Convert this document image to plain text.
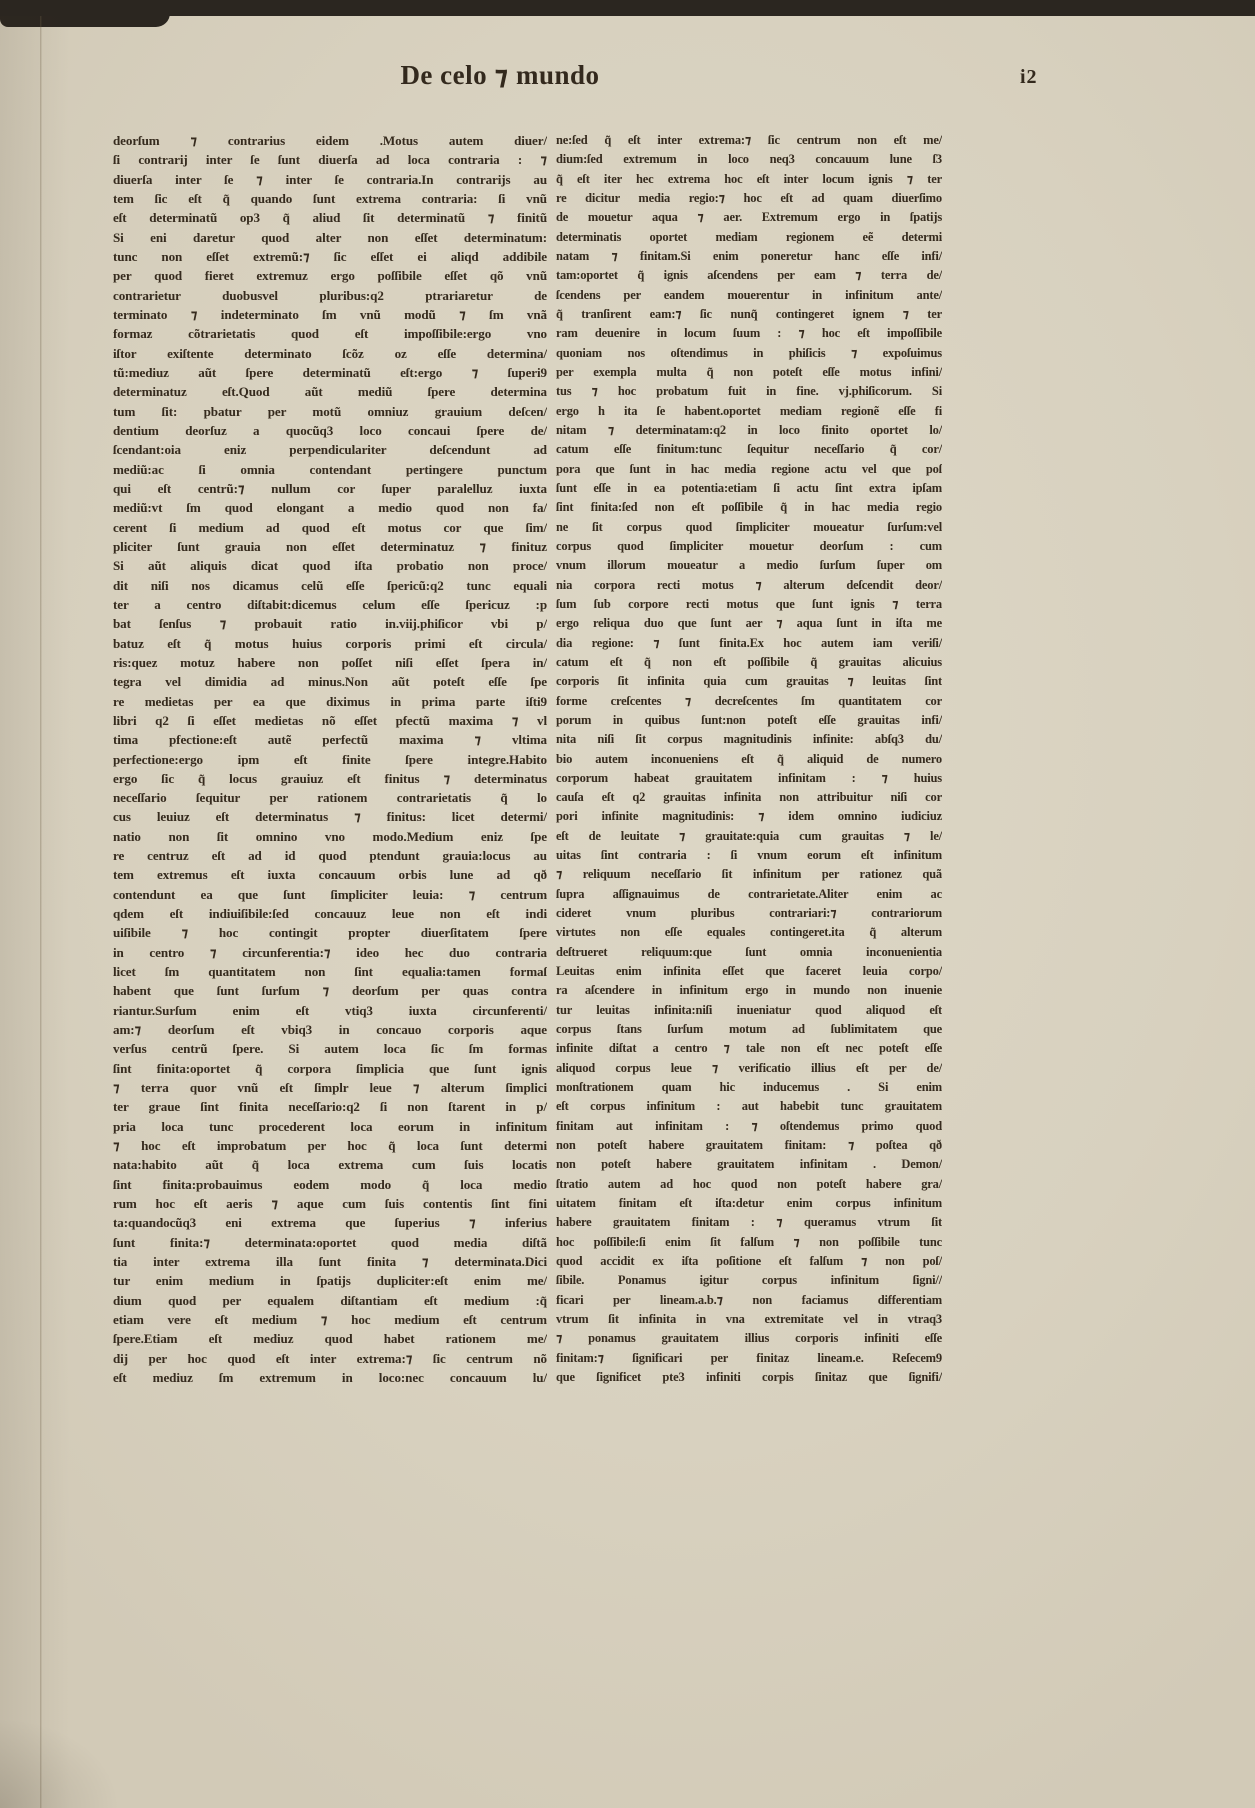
De celo ⁊ mundo	i2
deorſum ⁊ contrarius eidem .Motus autem diuer/
ſi contrarij inter ſe ſunt diuerſa ad loca contraria : ⁊
diuerſa inter ſe ⁊ inter ſe contraria.In contrarijs au
tem ſic eſt q̃ quando ſunt extrema contraria: ſi vnũ
eſt determinatũ op3 q̃ aliud ſit determinatũ ⁊ finitũ
Si eni daretur quod alter non eſſet determinatum:
tunc non eſſet extremũ:⁊ ſic eſſet ei aliqd addibile
per quod fieret extremuz ergo poſſibile eſſet qõ vnũ
contrarietur duobusvel pluribus:q2 ptrariaretur de
terminato ⁊ indeterminato ſm vnũ modũ ⁊ ſm vnã
formaz cõtrarietatis quod eſt impoſſibile:ergo vno
iſtor exiſtente determinato ſcõz oz eſſe determina/
tũ:mediuz aũt ſpere determinatũ eſt:ergo ⁊ ſuperi9
determinatuz eſt.Quod aũt mediũ ſpere determina
tum ſit: pbatur per motũ omniuz grauium deſcen/
dentium deorſuz a quocũq3 loco concaui ſpere de/
ſcendant:oia eniz perpendiculariter deſcendunt ad
mediũ:ac ſi omnia contendant pertingere punctum
qui eſt centrũ:⁊ nullum cor ſuper paralelluz iuxta
mediũ:vt ſm quod elongant a medio quod non fa/
cerent ſi medium ad quod eſt motus cor que ſim/
pliciter ſunt grauia non eſſet determinatuz ⁊ finituz
Si aũt aliquis dicat quod iſta probatio non proce/
dit niſi nos dicamus celũ eſſe ſpericũ:q2 tunc equali
ter a centro diſtabit:dicemus celum eſſe ſpericuz :p
bat ſenſus ⁊ probauit ratio in.viij.phiſicor vbi p/
batuz eſt q̃ motus huius corporis primi eſt circula/
ris:quez motuz habere non poſſet niſi eſſet ſpera in/
tegra vel dimidia ad minus.Non aũt poteſt eſſe ſpe
re medietas per ea que diximus in prima parte iſti9
libri q2 ſi eſſet medietas nõ eſſet pfectũ maxima ⁊ vl
tima pfectione:eſt autẽ perfectũ maxima ⁊ vltima
perfectione:ergo ipm eſt finite ſpere integre.Habito
ergo ſic q̃ locus grauiuz eſt finitus ⁊ determinatus
neceſſario ſequitur per rationem contrarietatis q̃ lo
cus leuiuz eſt determinatus ⁊ finitus: licet determi/
natio non ſit omnino vno modo.Medium eniz ſpe
re centruz eſt ad id quod ptendunt grauia:locus au
tem extremus eſt iuxta concauum orbis lune ad qð
contendunt ea que ſunt ſimpliciter leuia: ⁊ centrum
qdem eſt indiuiſibile:ſed concauuz leue non eſt indi
uiſibile ⁊ hoc contingit propter diuerſitatem ſpere
in centro ⁊ circunferentia:⁊ ideo hec duo contraria
licet ſm quantitatem non ſint equalia:tamen formaſ
habent que ſunt ſurſum ⁊ deorſum per quas contra
riantur.Surſum enim eſt vtiq3 iuxta circunferenti/
am:⁊ deorſum eſt vbiq3 in concauo corporis aque
verſus centrũ ſpere. Si autem loca ſic ſm formas
ſint finita:oportet q̃ corpora ſimplicia que ſunt ignis
⁊ terra quor vnũ eſt ſimplr leue ⁊ alterum ſimplici
ter graue ſint finita neceſſario:q2 ſi non ſtarent in p/
pria loca tunc procederent loca eorum in infinitum
⁊ hoc eſt improbatum per hoc q̃ loca ſunt determi
nata:habito aũt q̃ loca extrema cum ſuis locatis
ſint finita:probauimus eodem modo q̃ loca medio
rum hoc eſt aeris ⁊ aque cum ſuis contentis ſint fini
ta:quandocũq3 eni extrema que ſuperius ⁊ inferius
ſunt finita:⁊ determinata:oportet quod media diſtã
tia inter extrema illa ſunt finita ⁊ determinata.Dici
tur enim medium in ſpatijs dupliciter:eſt enim me/
dium quod per equalem diſtantiam eſt medium :q̃
etiam vere eſt medium ⁊ hoc medium eſt centrum
ſpere.Etiam eſt mediuz quod habet rationem me/
dij per hoc quod eſt inter extrema:⁊ ſic centrum nõ
eſt mediuz ſm extremum in loco:nec concauum lu/
ne:ſed q̃ eſt inter extrema:⁊ ſic centrum non eſt me/
dium:ſed extremum in loco neq3 concauum lune ſ3
q̃ eſt iter hec extrema hoc eſt inter locum ignis ⁊ ter
re dicitur media regio:⁊ hoc eſt ad quam diuerſimo
de mouetur aqua ⁊ aer. Extremum ergo in ſpatijs
determinatis oportet mediam regionem eẽ determi
natam ⁊ finitam.Si enim poneretur hanc eſſe infi/
tam:oportet q̃ ignis aſcendens per eam ⁊ terra de/
ſcendens per eandem mouerentur in infinitum ante/
q̃ tranſirent eam:⁊ ſic nunq̃ contingeret ignem ⁊ ter
ram deuenire in locum ſuum : ⁊ hoc eſt impoſſibile
quoniam nos oſtendimus in phiſicis ⁊ expoſuimus
per exempla multa q̃ non poteſt eſſe motus infini/
tus ⁊ hoc probatum fuit in fine. vj.phiſicorum. Si
ergo h ita ſe habent.oportet mediam regionẽ eſſe fi
nitam ⁊ determinatam:q2 in loco finito oportet lo/
catum eſſe finitum:tunc ſequitur neceſſario q̃ cor/
pora que ſunt in hac media regione actu vel que poſ
ſunt eſſe in ea potentia:etiam ſi actu ſint extra ipſam
ſint finita:ſed non eſt poſſibile q̃ in hac media regio
ne ſit corpus quod ſimpliciter moueatur ſurſum:vel
corpus quod ſimpliciter mouetur deorſum : cum
vnum illorum moueatur a medio ſurſum ſuper om
nia corpora recti motus ⁊ alterum deſcendit deor/
ſum ſub corpore recti motus que ſunt ignis ⁊ terra
ergo reliqua duo que ſunt aer ⁊ aqua ſunt in iſta me
dia regione: ⁊ ſunt finita.Ex hoc autem iam veriſi/
catum eſt q̃ non eſt poſſibile q̃ grauitas alicuius
corporis ſit infinita quia cum grauitas ⁊ leuitas ſint
forme creſcentes ⁊ decreſcentes ſm quantitatem cor
porum in quibus ſunt:non poteſt eſſe grauitas infi/
nita niſi ſit corpus magnitudinis infinite: abſq3 du/
bio autem inconueniens eſt q̃ aliquid de numero
corporum habeat grauitatem infinitam : ⁊ huius
cauſa eſt q2 grauitas infinita non attribuitur niſi cor
pori infinite magnitudinis: ⁊ idem omnino iudiciuz
eſt de leuitate ⁊ grauitate:quia cum grauitas ⁊ le/
uitas ſint contraria : ſi vnum eorum eſt infinitum
⁊ reliquum neceſſario ſit infinitum per rationez quã
ſupra aſſignauimus de contrarietate.Aliter enim ac
cideret vnum pluribus contrariari:⁊ contrariorum
virtutes non eſſe equales contingeret.ita q̃ alterum
deſtrueret reliquum:que ſunt omnia inconuenientia
Leuitas enim infinita eſſet que faceret leuia corpo/
ra aſcendere in infinitum ergo in mundo non inuenie
tur leuitas infinita:niſi inueniatur quod aliquod eſt
corpus ſtans ſurſum motum ad ſublimitatem que
infinite diſtat a centro ⁊ tale non eſt nec poteſt eſſe
aliquod corpus leue ⁊ verificatio illius eſt per de/
monſtrationem quam hic inducemus . Si enim
eſt corpus infinitum : aut habebit tunc grauitatem
finitam aut infinitam : ⁊ oſtendemus primo quod
non poteſt habere grauitatem finitam: ⁊ poſtea qð
non poteſt habere grauitatem infinitam . Demon/
ſtratio autem ad hoc quod non poteſt habere gra/
uitatem finitam eſt iſta:detur enim corpus infinitum
habere grauitatem finitam : ⁊ queramus vtrum ſit
hoc poſſibile:ſi enim ſit falſum ⁊ non poſſibile tunc
quod accidit ex iſta poſitione eſt falſum ⁊ non poſ/
ſibile. Ponamus igitur corpus infinitum ſigni//
ficari per lineam.a.b.⁊ non faciamus differentiam
vtrum ſit infinita in vna extremitate vel in vtraq3
⁊ ponamus grauitatem illius corporis infiniti eſſe
finitam:⁊ ſignificari per finitaz lineam.e. Reſecem9
que ſignificet pte3 infiniti corpis ſinitaz que ſignifi/
